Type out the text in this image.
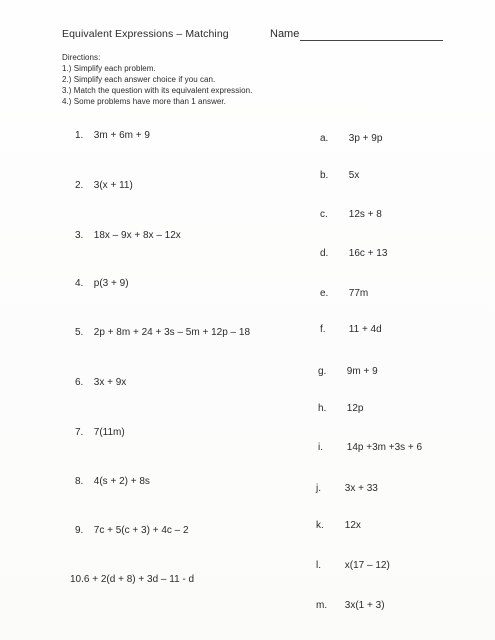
Equivalent Expressions – Matching	Name
Directions:
1.) Simplify each problem.
2.) Simplify each answer choice if you can.
3.) Match the question with its equivalent expression.
4.) Some problems have more than 1 answer.
1. 3m + 6m + 9
2. 3(x + 11)
3. 18x – 9x + 8x – 12x
4. p(3 + 9)
5. 2p + 8m + 24 + 3s – 5m + 12p – 18
6. 3x + 9x
7. 7(11m)
8. 4(s + 2) + 8s
9. 7c + 5(c + 3) + 4c – 2
10.6 + 2(d + 8) + 3d – 11 - d
a. 3p + 9p
b. 5x
c. 12s + 8
d. 16c + 13
e. 77m
f. 11 + 4d
g. 9m + 9
h. 12p
i. 14p +3m +3s + 6
j. 3x + 33
k. 12x
l. x(17 – 12)
m. 3x(1 + 3)
